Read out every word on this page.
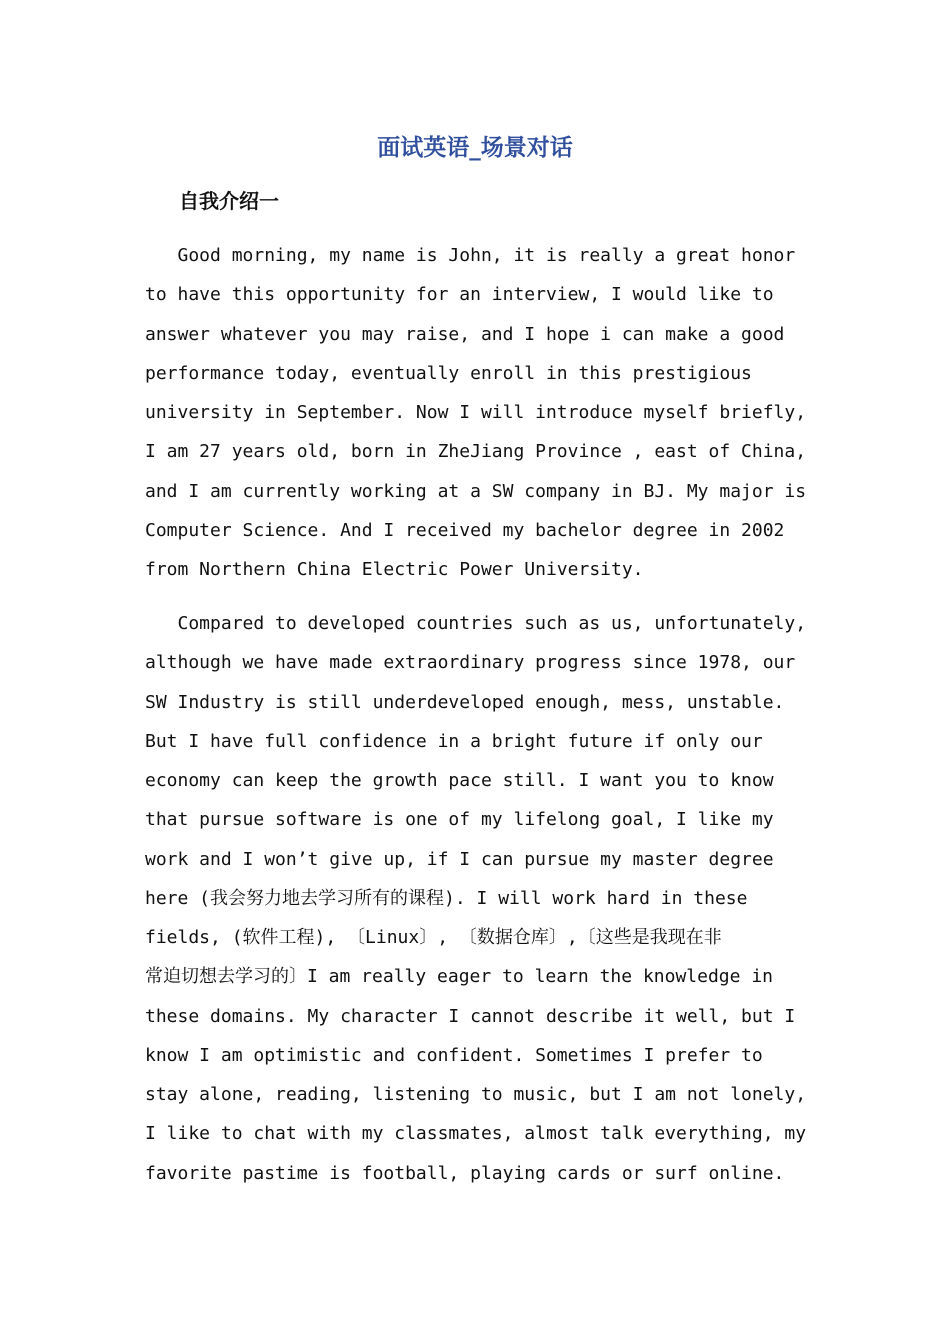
面试英语_场景对话
自我介绍一

Good morning, my name is John, it is really a great honor
to have this opportunity for an interview, I would like to
answer whatever you may raise, and I hope i can make a good
performance today, eventually enroll in this prestigious
university in September. Now I will introduce myself briefly,
I am 27 years old, born in ZheJiang Province , east of China,
and I am currently working at a SW company in BJ. My major is
Computer Science. And I received my bachelor degree in 2002
from Northern China Electric Power University.

Compared to developed countries such as us, unfortunately,
although we have made extraordinary progress since 1978, our
SW Industry is still underdeveloped enough, mess, unstable.
But I have full confidence in a bright future if only our
economy can keep the growth pace still. I want you to know
that pursue software is one of my lifelong goal, I like my
work and I won’t give up, if I can pursue my master degree
here (我会努力地去学习所有的课程). I will work hard in these
fields, (软件工程), 〔Linux〕, 〔数据仓库〕,〔这些是我现在非
常迫切想去学习的〕I am really eager to learn the knowledge in
these domains. My character I cannot describe it well, but I
know I am optimistic and confident. Sometimes I prefer to
stay alone, reading, listening to music, but I am not lonely,
I like to chat with my classmates, almost talk everything, my
favorite pastime is football, playing cards or surf online.
